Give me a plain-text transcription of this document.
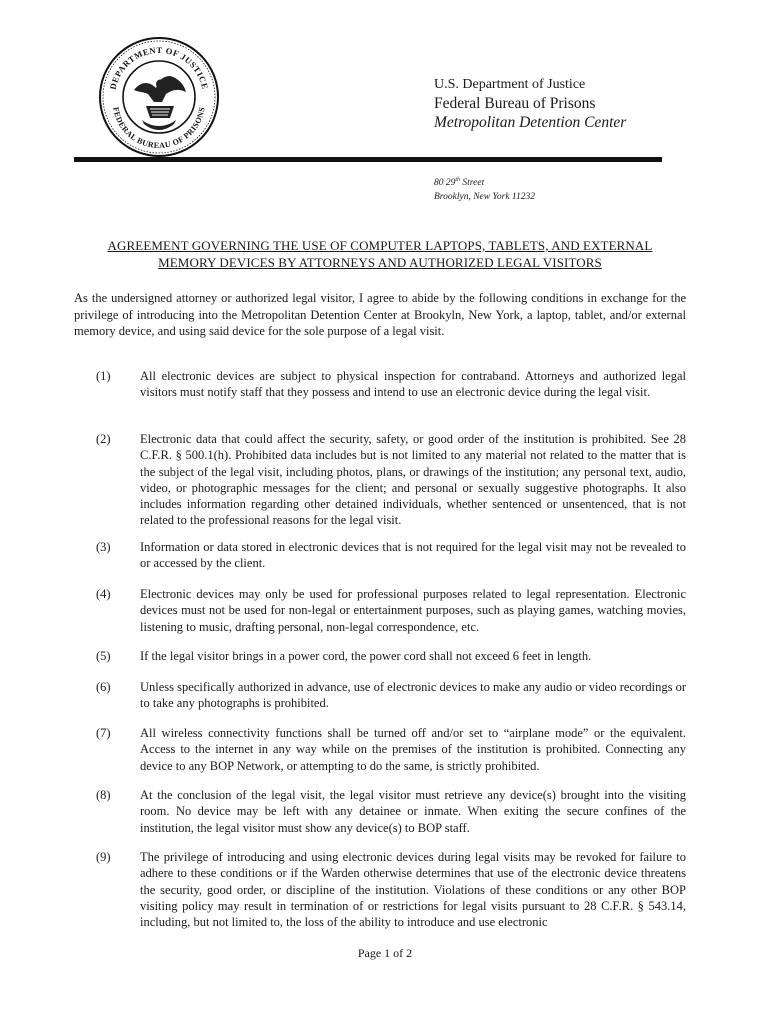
DEPARTMENT OF JUSTICE
FEDERAL BUREAU OF PRISONS
U.S. Department of Justice
Federal Bureau of Prisons
Metropolitan Detention Center
80 29th Street
Brooklyn, New York 11232
AGREEMENT GOVERNING THE USE OF COMPUTER LAPTOPS, TABLETS, AND EXTERNAL
MEMORY DEVICES BY ATTORNEYS AND AUTHORIZED LEGAL VISITORS

As the undersigned attorney or authorized legal visitor, I agree to abide by the following conditions in exchange for the privilege of introducing into the Metropolitan Detention Center at Brookyln, New York, a laptop, tablet, and/or external memory device, and using said device for the sole purpose of a legal visit.

(1) All electronic devices are subject to physical inspection for contraband. Attorneys and authorized legal visitors must notify staff that they possess and intend to use an electronic device during the legal visit.
(2) Electronic data that could affect the security, safety, or good order of the institution is prohibited. See 28 C.F.R. § 500.1(h). Prohibited data includes but is not limited to any material not related to the matter that is the subject of the legal visit, including photos, plans, or drawings of the institution; any personal text, audio, video, or photographic messages for the client; and personal or sexually suggestive photographs. It also includes information regarding other detained individuals, whether sentenced or unsentenced, that is not related to the professional reasons for the legal visit.
(3) Information or data stored in electronic devices that is not required for the legal visit may not be revealed to or accessed by the client.
(4) Electronic devices may only be used for professional purposes related to legal representation. Electronic devices must not be used for non-legal or entertainment purposes, such as playing games, watching movies, listening to music, drafting personal, non-legal correspondence, etc.
(5) If the legal visitor brings in a power cord, the power cord shall not exceed 6 feet in length.
(6) Unless specifically authorized in advance, use of electronic devices to make any audio or video recordings or to take any photographs is prohibited.
(7) All wireless connectivity functions shall be turned off and/or set to “airplane mode” or the equivalent. Access to the internet in any way while on the premises of the institution is prohibited. Connecting any device to any BOP Network, or attempting to do the same, is strictly prohibited.
(8) At the conclusion of the legal visit, the legal visitor must retrieve any device(s) brought into the visiting room. No device may be left with any detainee or inmate. When exiting the secure confines of the institution, the legal visitor must show any device(s) to BOP staff.
(9) The privilege of introducing and using electronic devices during legal visits may be revoked for failure to adhere to these conditions or if the Warden otherwise determines that use of the electronic device threatens the security, good order, or discipline of the institution. Violations of these conditions or any other BOP visiting policy may result in termination of or restrictions for legal visits pursuant to 28 C.F.R. § 543.14, including, but not limited to, the loss of the ability to introduce and use electronic
Page 1 of 2
